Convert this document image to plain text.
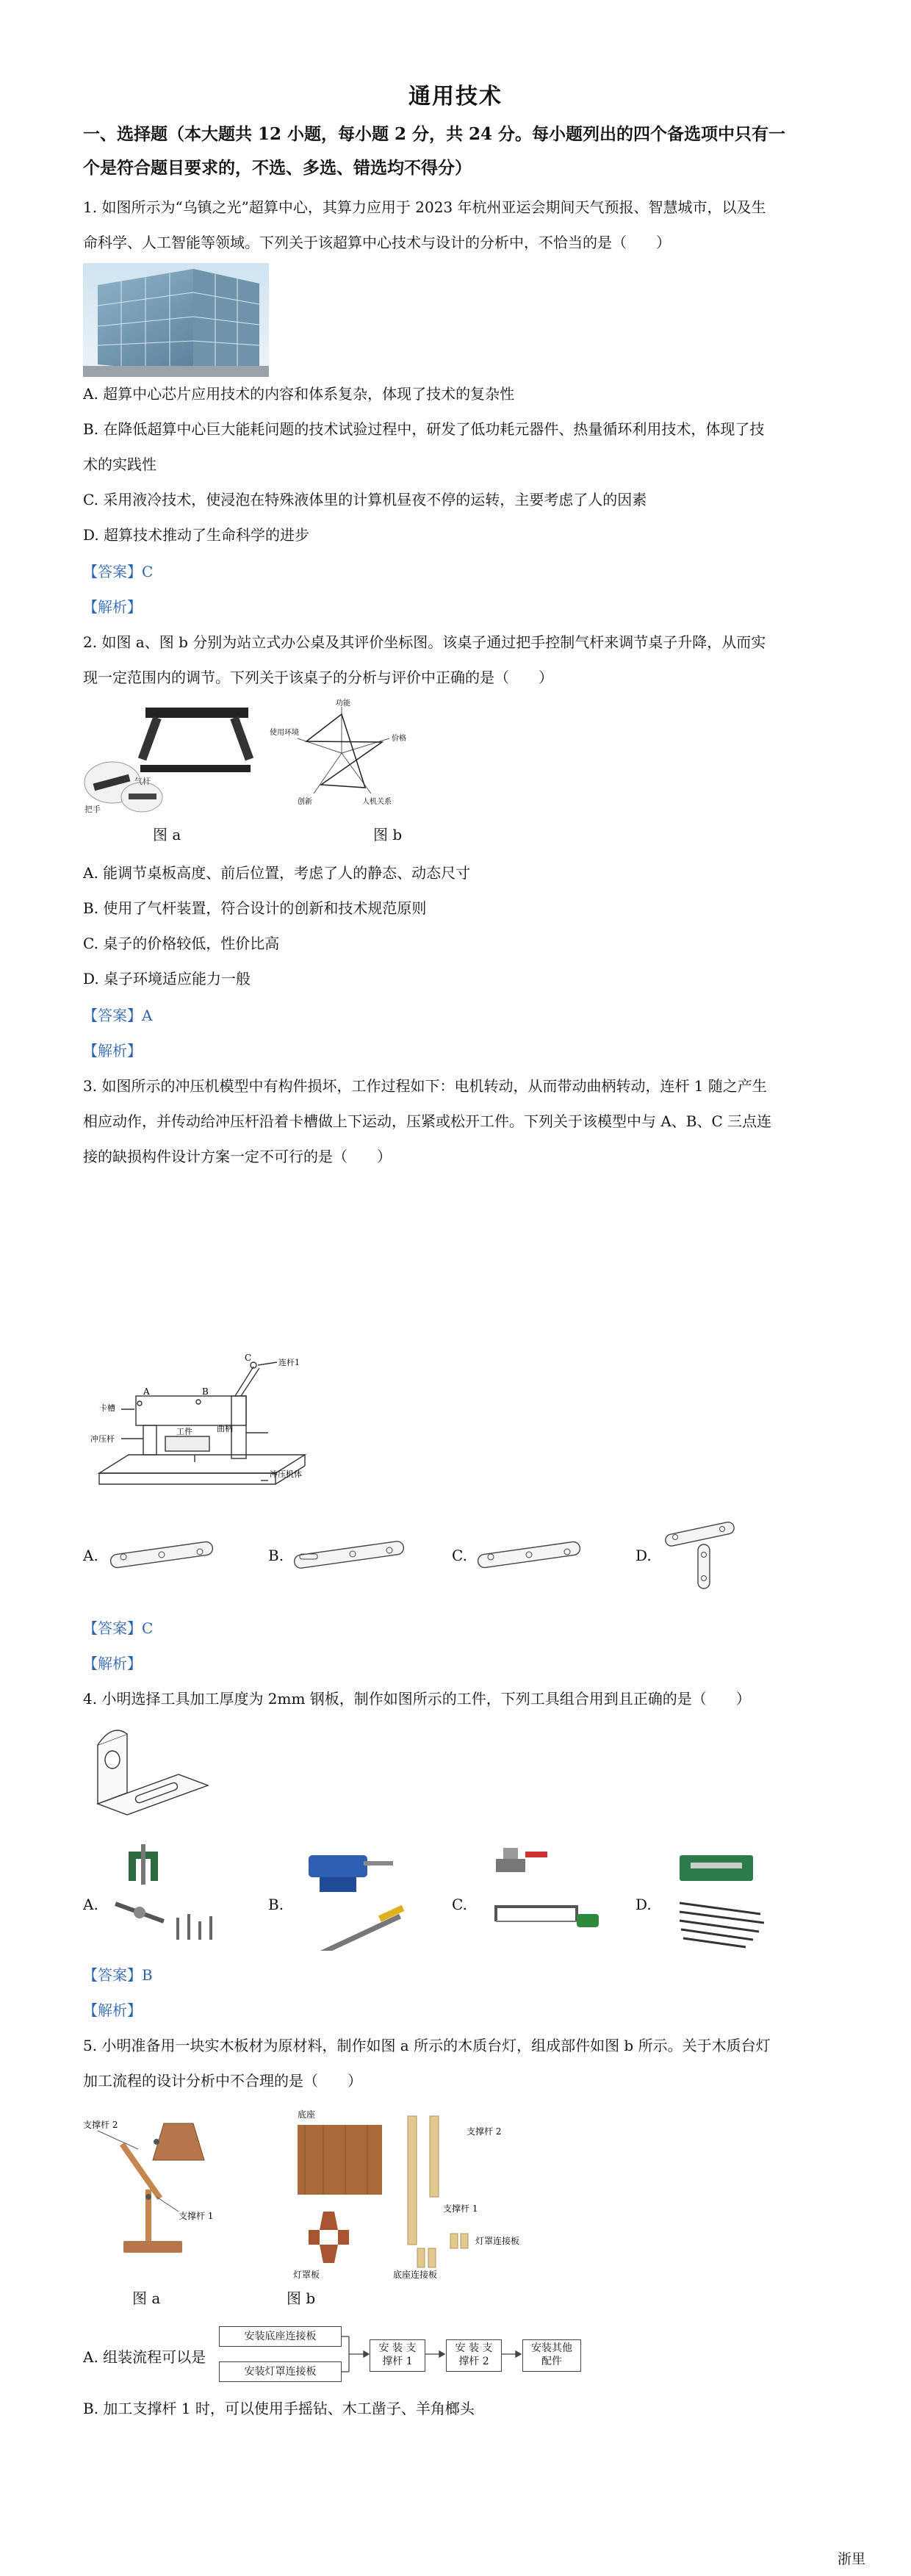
通用技术
一、选择题（本大题共 12 小题，每小题 2 分，共 24 分。每小题列出的四个备选项中只有一
个是符合题目要求的，不选、多选、错选均不得分）
1. 如图所示为“乌镇之光”超算中心，其算力应用于 2023 年杭州亚运会期间天气预报、智慧城市，以及生
命科学、人工智能等领域。下列关于该超算中心技术与设计的分析中，不恰当的是（　　）
A. 超算中心芯片应用技术的内容和体系复杂，体现了技术的复杂性
B. 在降低超算中心巨大能耗问题的技术试验过程中，研发了低功耗元器件、热量循环利用技术，体现了技
术的实践性
C. 采用液冷技术，使浸泡在特殊液体里的计算机昼夜不停的运转，主要考虑了人的因素
D. 超算技术推动了生命科学的进步
【答案】C
【解析】
2. 如图 a、图 b 分别为站立式办公桌及其评价坐标图。该桌子通过把手控制气杆来调节桌子升降，从而实
现一定范围内的调节。下列关于该桌子的分析与评价中正确的是（　　）
把手
气杆
功能
使用环境
价格
创新	人机关系
图 a	图 b
A. 能调节桌板高度、前后位置，考虑了人的静态、动态尺寸
B. 使用了气杆装置，符合设计的创新和技术规范原则
C. 桌子的价格较低，性价比高
D. 桌子环境适应能力一般
【答案】A
【解析】
3. 如图所示的冲压机模型中有构件损坏，工作过程如下：电机转动，从而带动曲柄转动，连杆 1 随之产生
相应动作，并传动给冲压杆沿着卡槽做上下运动，压紧或松开工件。下列关于该模型中与 A、B、C 三点连
接的缺损构件设计方案一定不可行的是（　　）
连杆1
卡槽
冲压杆
工件	曲柄
冲压机体
A	B
C
A.	B.	C.	D.
【答案】C
【解析】
4. 小明选择工具加工厚度为 2mm 钢板，制作如图所示的工件，下列工具组合用到且正确的是（　　）
A.	B.	C.	D.
【答案】B
【解析】
5. 小明准备用一块实木板材为原材料，制作如图 a 所示的木质台灯，组成部件如图 b 所示。关于木质台灯
加工流程的设计分析中不合理的是（　　）
支撑杆 2
支撑杆 1
底座
支撑杆 2
支撑杆 1
灯罩板
灯罩连接板
底座连接板
图 a	图 b
A. 组装流程可以是
安装底座连接板
安装灯罩连接板
安 装 支
撑杆 1
安 装 支
撑杆 2
安装其他
配件
B. 加工支撑杆 1 时，可以使用手摇钻、木工凿子、羊角榔头
浙里
